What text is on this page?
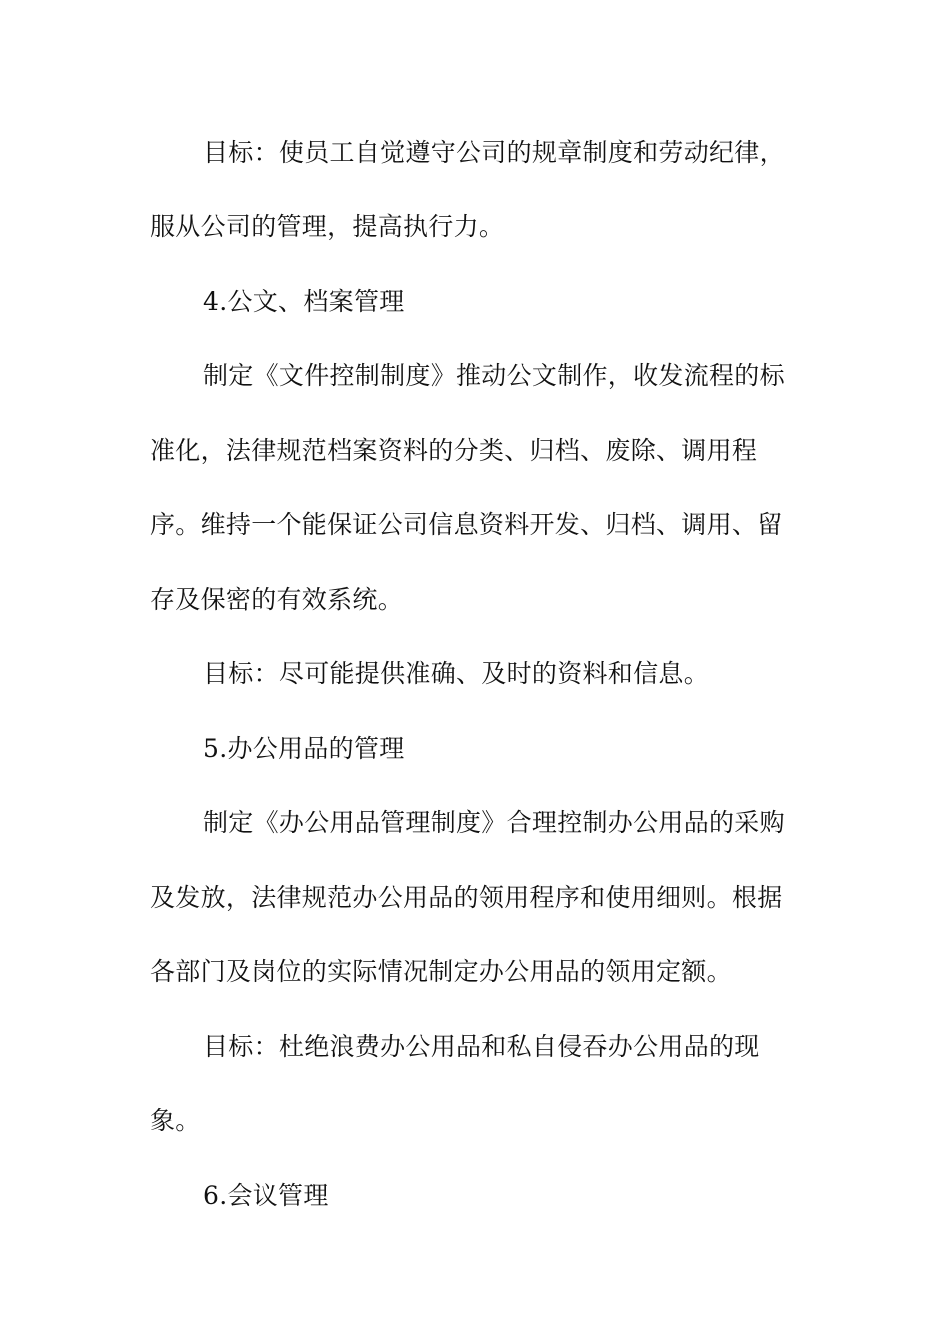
目标：使员工自觉遵守公司的规章制度和劳动纪律，
服从公司的管理，提高执行力。
4.公文、档案管理
制定《文件控制制度》推动公文制作，收发流程的标
准化，法律规范档案资料的分类、归档、废除、调用程
序。维持一个能保证公司信息资料开发、归档、调用、留
存及保密的有效系统。
目标：尽可能提供准确、及时的资料和信息。
5.办公用品的管理
制定《办公用品管理制度》合理控制办公用品的采购
及发放，法律规范办公用品的领用程序和使用细则。根据
各部门及岗位的实际情况制定办公用品的领用定额。
目标：杜绝浪费办公用品和私自侵吞办公用品的现
象。
6.会议管理
